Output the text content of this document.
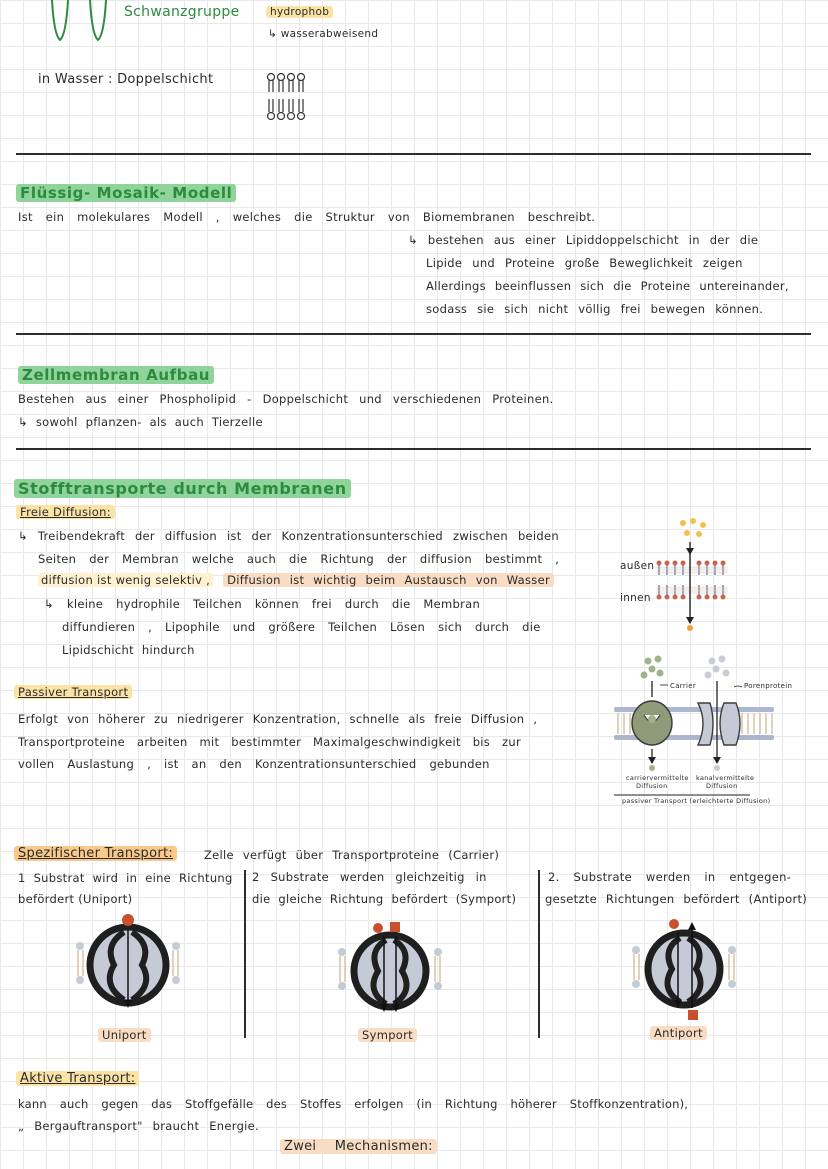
Schwanzgruppe	hydrophob
↳ wasserabweisend
in Wasser : Doppelschicht
Flüssig- Mosaik- Modell
Ist ein molekulares Modell , welches die Struktur von Biomembranen beschreibt.
↳ bestehen aus einer Lipiddoppelschicht in der die
Lipide und Proteine große Beweglichkeit zeigen
Allerdings beeinflussen sich die Proteine untereinander,
sodass sie sich nicht völlig frei bewegen können.
Zellmembran Aufbau
Bestehen aus einer Phospholipid - Doppelschicht und verschiedenen Proteinen.
↳ sowohl pflanzen- als auch Tierzelle
Stofftransporte durch Membranen
Freie Diffusion:
↳ Treibendekraft der diffusion ist der Konzentrationsunterschied zwischen beiden
Seiten der Membran welche auch die Richtung der diffusion bestimmt ,
diffusion ist wenig selektiv , Diffusion ist wichtig beim Austausch von Wasser
↳ kleine hydrophile Teilchen können frei durch die Membran
diffundieren , Lipophile und größere Teilchen Lösen sich durch die
Lipidschicht hindurch
außen
innen
Passiver Transport
Erfolgt von höherer zu niedrigerer Konzentration, schnelle als freie Diffusion ,
Transportproteine arbeiten mit bestimmter Maximalgeschwindigkeit bis zur
vollen Auslastung , ist an den Konzentrationsunterschied gebunden
Carrier	Porenprotein
carriervermittelte
Diffusion
kanalvermittelte
Diffusion
passiver Transport (erleichterte Diffusion)
Spezifischer Transport:	Zelle verfügt über Transportproteine (Carrier)
1 Substrat wird in eine Richtung
befördert (Uniport)
2 Substrate werden gleichzeitig in
die gleiche Richtung befördert (Symport)
2. Substrate werden in entgegen-
gesetzte Richtungen befördert (Antiport)
Uniport	Symport	Antiport
Aktive Transport:
kann auch gegen das Stoffgefälle des Stoffes erfolgen (in Richtung höherer Stoffkonzentration),
„ Bergauftransport" braucht Energie.
Zwei Mechanismen:
